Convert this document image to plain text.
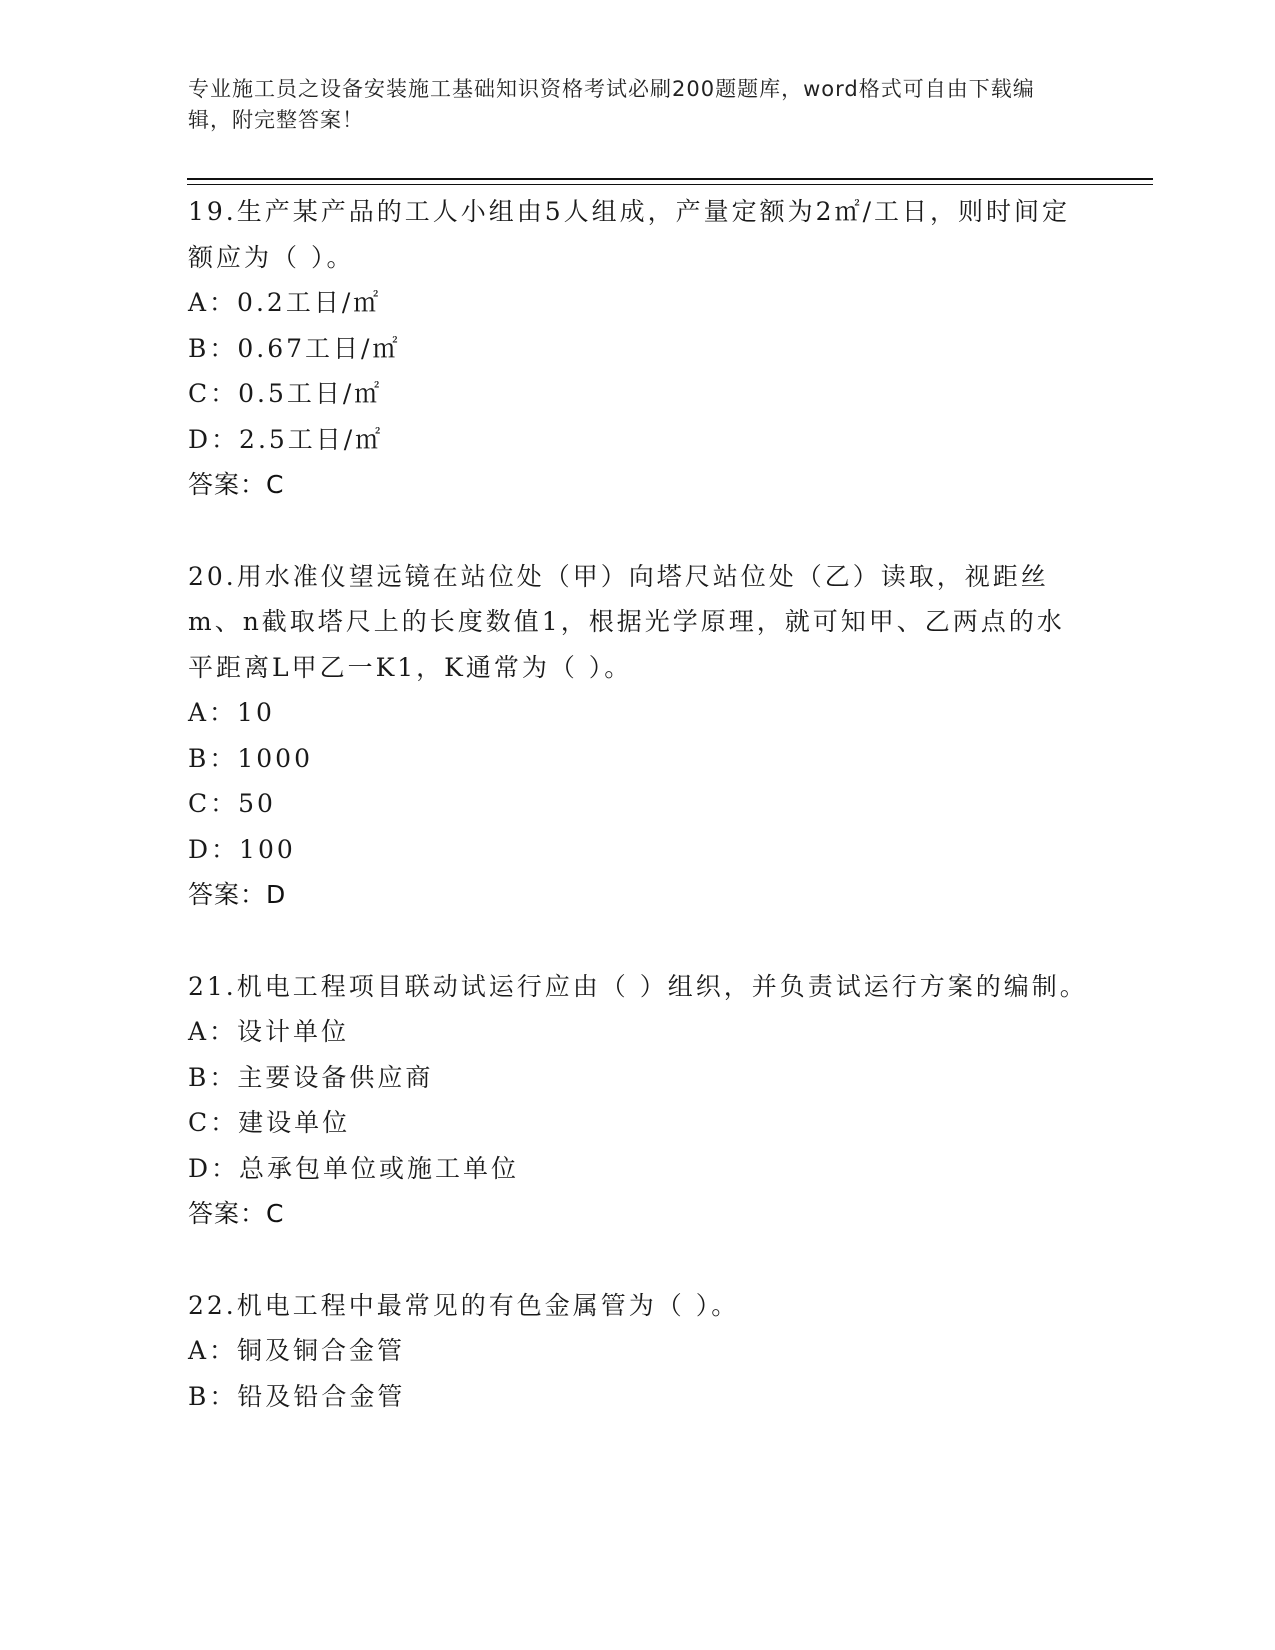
专业施工员之设备安装施工基础知识资格考试必刷200题题库，word格式可自由下载编辑，附完整答案！
19.生产某产品的工人小组由5人组成，产量定额为2㎡/工日，则时间定额应为（ ）。
A：0.2工日/㎡
B：0.67工日/㎡
C：0.5工日/㎡
D：2.5工日/㎡
答案：C
20.用水准仪望远镜在站位处（甲）向塔尺站位处（乙）读取，视距丝m、n截取塔尺上的长度数值1，根据光学原理，就可知甲、乙两点的水平距离L甲乙一K1，K通常为（ ）。
A：10
B：1000
C：50
D：100
答案：D
21.机电工程项目联动试运行应由（ ）组织，并负责试运行方案的编制。
A：设计单位
B：主要设备供应商
C：建设单位
D：总承包单位或施工单位
答案：C
22.机电工程中最常见的有色金属管为（ ）。
A：铜及铜合金管
B：铅及铅合金管
